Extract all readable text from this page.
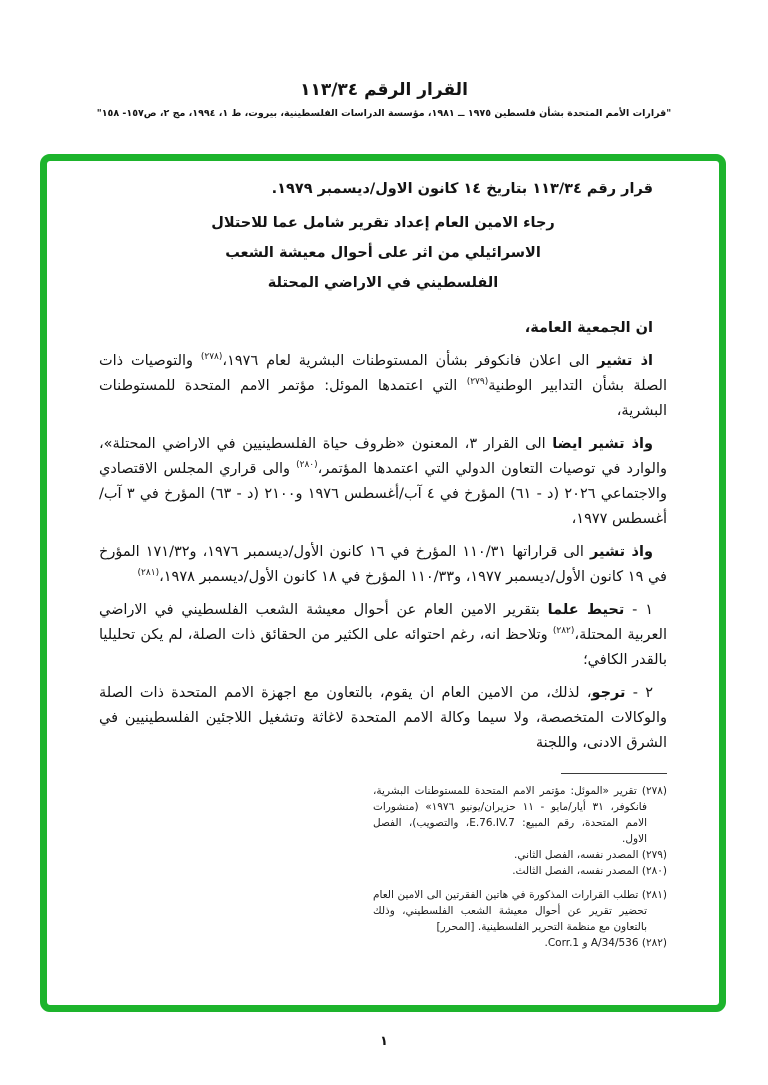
القرار الرقم ١١٣/٣٤
"قرارات الأمم المتحدة بشأن فلسطين ١٩٧٥ ــ ١٩٨١، مؤسسة الدراسات الفلسطينية، بيروت، ط ١، ١٩٩٤، مج ٢، ص١٥٧- ١٥٨"

قرار رقم ١١٣/٣٤ بتاريخ ١٤ كانون الاول/ديسمبر ١٩٧٩.

رجاء الامين العام إعداد تقرير شامل عما للاحتلال

الاسرائيلي من اثر على أحوال معيشة الشعب

الفلسطيني في الاراضي المحتلة

ان الجمعية العامة،

اذ تشير الى اعلان فانكوفر بشأن المستوطنات البشرية لعام ١٩٧٦،$^{(٢٧٨)}$ والتوصيات ذات الصلة بشأن التدابير الوطنية$^{(٢٧٩)}$ التي اعتمدها الموئل: مؤتمر الامم المتحدة للمستوطنات البشرية،

واذ تشير ايضا الى القرار ٣، المعنون «ظروف حياة الفلسطينيين في الاراضي المحتلة»، والوارد في توصيات التعاون الدولي التي اعتمدها المؤتمر،$^{(٢٨٠)}$ والى قراري المجلس الاقتصادي والاجتماعي ٢٠٢٦ (د - ٦١) المؤرخ في ٤ آب/أغسطس ١٩٧٦ و٢١٠٠ (د - ٦٣) المؤرخ في ٣ آب/أغسطس ١٩٧٧،

واذ تشير الى قراراتها ١١٠/٣١ المؤرخ في ١٦ كانون الأول/ديسمبر ١٩٧٦، و١٧١/٣٢ المؤرخ في ١٩ كانون الأول/ديسمبر ١٩٧٧، و١١٠/٣٣ المؤرخ في ١٨ كانون الأول/ديسمبر ١٩٧٨،$^{(٢٨١)}$

١ - تحيط علما بتقرير الامين العام عن أحوال معيشة الشعب الفلسطيني في الاراضي العربية المحتلة،$^{(٢٨٢)}$ وتلاحظ انه، رغم احتوائه على الكثير من الحقائق ذات الصلة، لم يكن تحليليا بالقدر الكافي؛

٢ - ترجو، لذلك، من الامين العام ان يقوم، بالتعاون مع اجهزة الامم المتحدة ذات الصلة والوكالات المتخصصة، ولا سيما وكالة الامم المتحدة لاغاثة وتشغيل اللاجئين الفلسطينيين في الشرق الادنى، واللجنة

(٢٧٨) تقرير «الموئل: مؤتمر الامم المتحدة للمستوطنات البشرية، فانكوفر، ٣١ أيار/مايو - ١١ حزيران/يونيو ١٩٧٦» (منشورات الامم المتحدة، رقم المبيع: E.76.IV.7، والتصويب)، الفصل الاول.

(٢٧٩) المصدر نفسه، الفصل الثاني.

(٢٨٠) المصدر نفسه، الفصل الثالث.

(٢٨١) تطلب القرارات المذكورة في هاتين الفقرتين الى الامين العام تحضير تقرير عن أحوال معيشة الشعب الفلسطيني، وذلك بالتعاون مع منظمة التحرير الفلسطينية. [المحرر]

(٢٨٢) A/34/536 و Corr.1.

١
